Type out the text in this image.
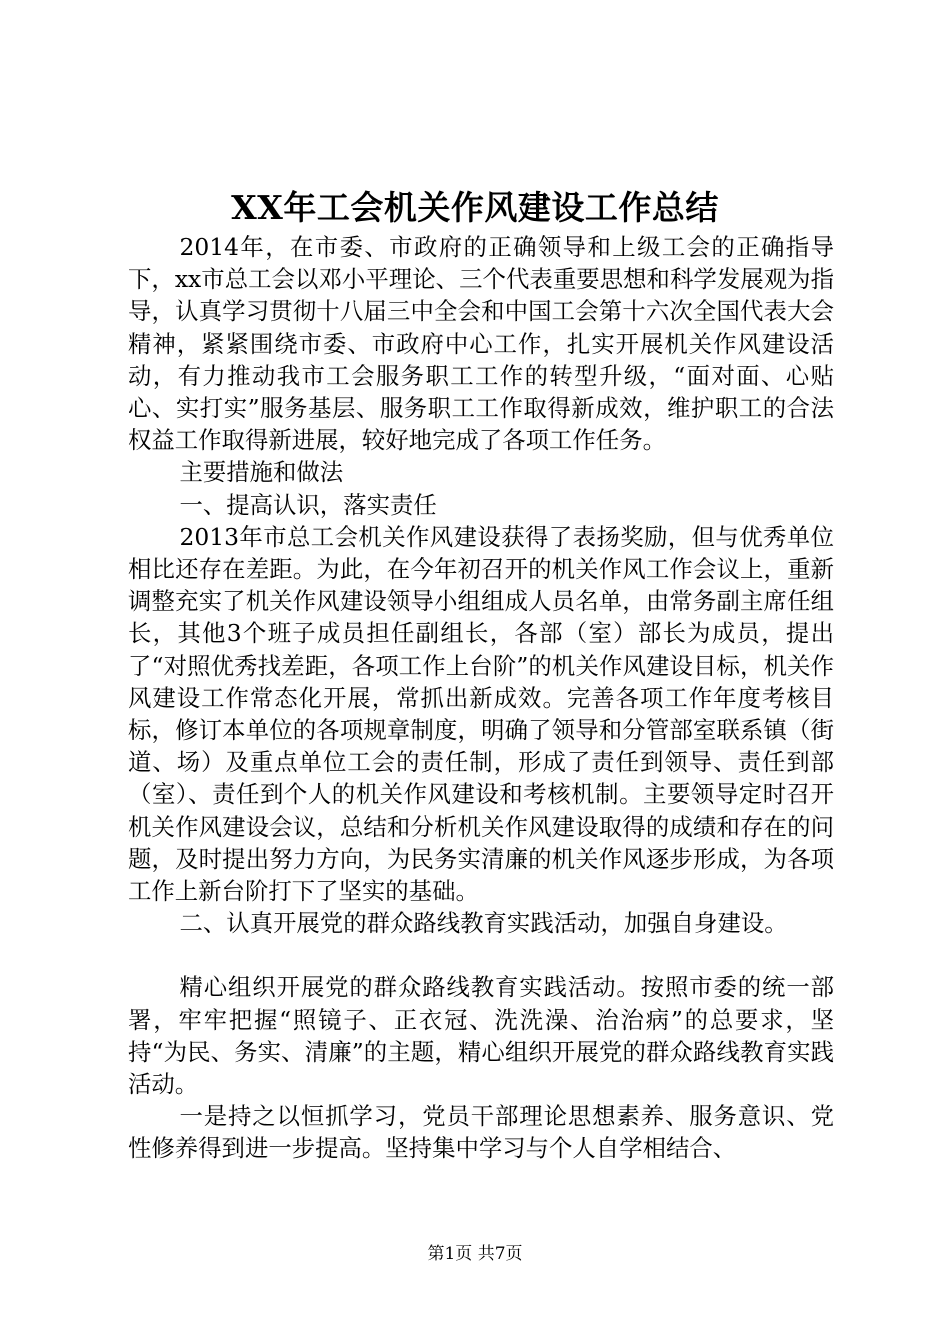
XX年工会机关作风建设工作总结

2014年，在市委、市政府的正确领导和上级工会的正确指导下，xx市总工会以邓小平理论、三个代表重要思想和科学发展观为指导，认真学习贯彻十八届三中全会和中国工会第十六次全国代表大会精神，紧紧围绕市委、市政府中心工作，扎实开展机关作风建设活动，有力推动我市工会服务职工工作的转型升级，“面对面、心贴心、实打实”服务基层、服务职工工作取得新成效，维护职工的合法权益工作取得新进展，较好地完成了各项工作任务。

主要措施和做法

一、提高认识，落实责任

2013年市总工会机关作风建设获得了表扬奖励，但与优秀单位相比还存在差距。为此，在今年初召开的机关作风工作会议上，重新调整充实了机关作风建设领导小组组成人员名单，由常务副主席任组长，其他3个班子成员担任副组长，各部（室）部长为成员，提出了“对照优秀找差距，各项工作上台阶”的机关作风建设目标，机关作风建设工作常态化开展，常抓出新成效。完善各项工作年度考核目标，修订本单位的各项规章制度，明确了领导和分管部室联系镇（街道、场）及重点单位工会的责任制，形成了责任到领导、责任到部（室）、责任到个人的机关作风建设和考核机制。主要领导定时召开机关作风建设会议，总结和分析机关作风建设取得的成绩和存在的问题，及时提出努力方向，为民务实清廉的机关作风逐步形成，为各项工作上新台阶打下了坚实的基础。

二、认真开展党的群众路线教育实践活动，加强自身建设。

精心组织开展党的群众路线教育实践活动。按照市委的统一部署，牢牢把握“照镜子、正衣冠、洗洗澡、治治病”的总要求，坚持“为民、务实、清廉”的主题，精心组织开展党的群众路线教育实践活动。

一是持之以恒抓学习，党员干部理论思想素养、服务意识、党性修养得到进一步提高。坚持集中学习与个人自学相结合、

第1页 共7页
